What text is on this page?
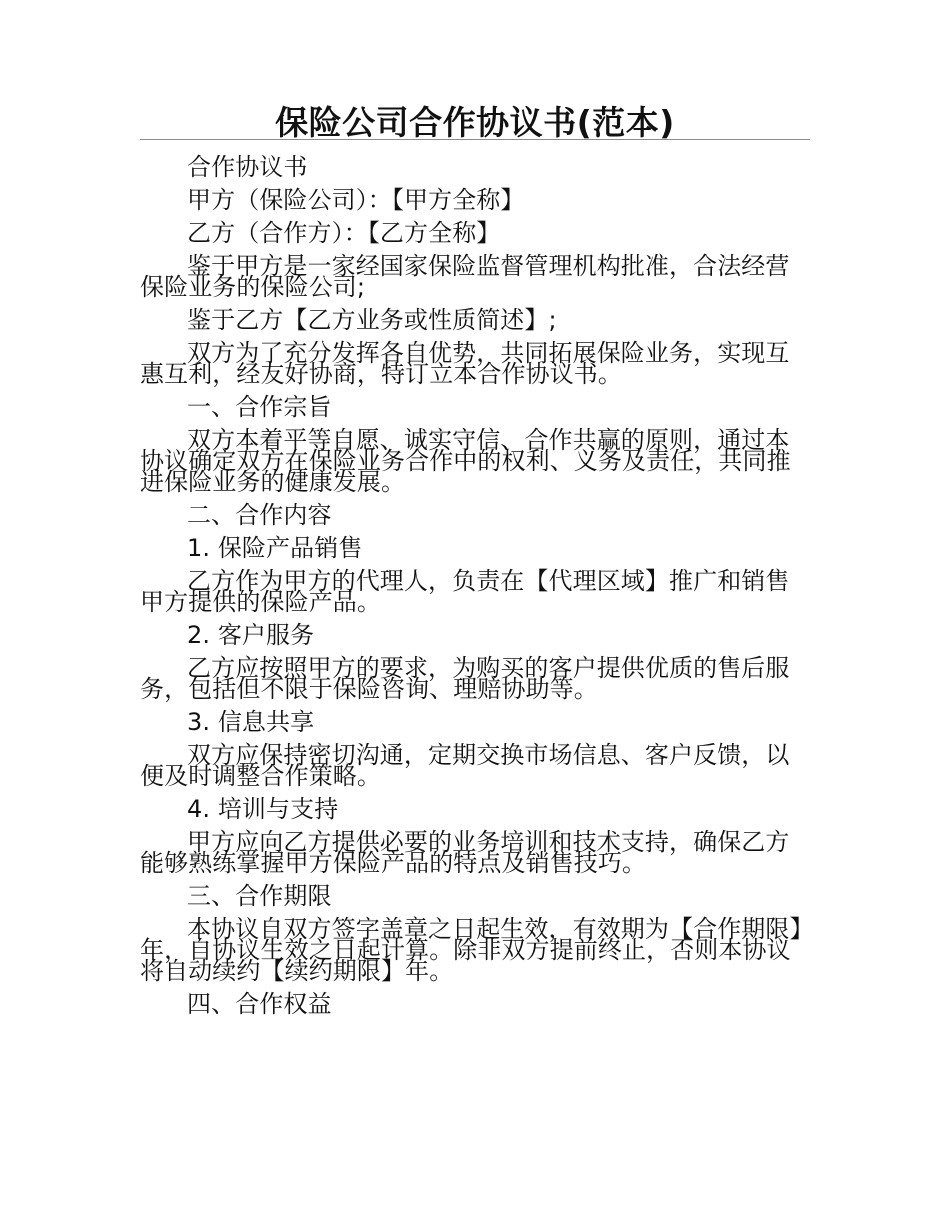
保险公司合作协议书(范本)

合作协议书

甲方（保险公司）：【甲方全称】

乙方（合作方）：【乙方全称】

鉴于甲方是一家经国家保险监督管理机构批准，合法经营保险业务的保险公司;

鉴于乙方【乙方业务或性质简述】;

双方为了充分发挥各自优势，共同拓展保险业务，实现互惠互利，经友好协商，特订立本合作协议书。

一、合作宗旨

双方本着平等自愿、诚实守信、合作共赢的原则，通过本协议确定双方在保险业务合作中的权利、义务及责任，共同推进保险业务的健康发展。

二、合作内容

1. 保险产品销售

乙方作为甲方的代理人，负责在【代理区域】推广和销售甲方提供的保险产品。

2. 客户服务

乙方应按照甲方的要求，为购买的客户提供优质的售后服务，包括但不限于保险咨询、理赔协助等。

3. 信息共享

双方应保持密切沟通，定期交换市场信息、客户反馈，以便及时调整合作策略。

4. 培训与支持

甲方应向乙方提供必要的业务培训和技术支持，确保乙方能够熟练掌握甲方保险产品的特点及销售技巧。

三、合作期限

本协议自双方签字盖章之日起生效，有效期为【合作期限】年，自协议生效之日起计算。除非双方提前终止，否则本协议将自动续约【续约期限】年。

四、合作权益
